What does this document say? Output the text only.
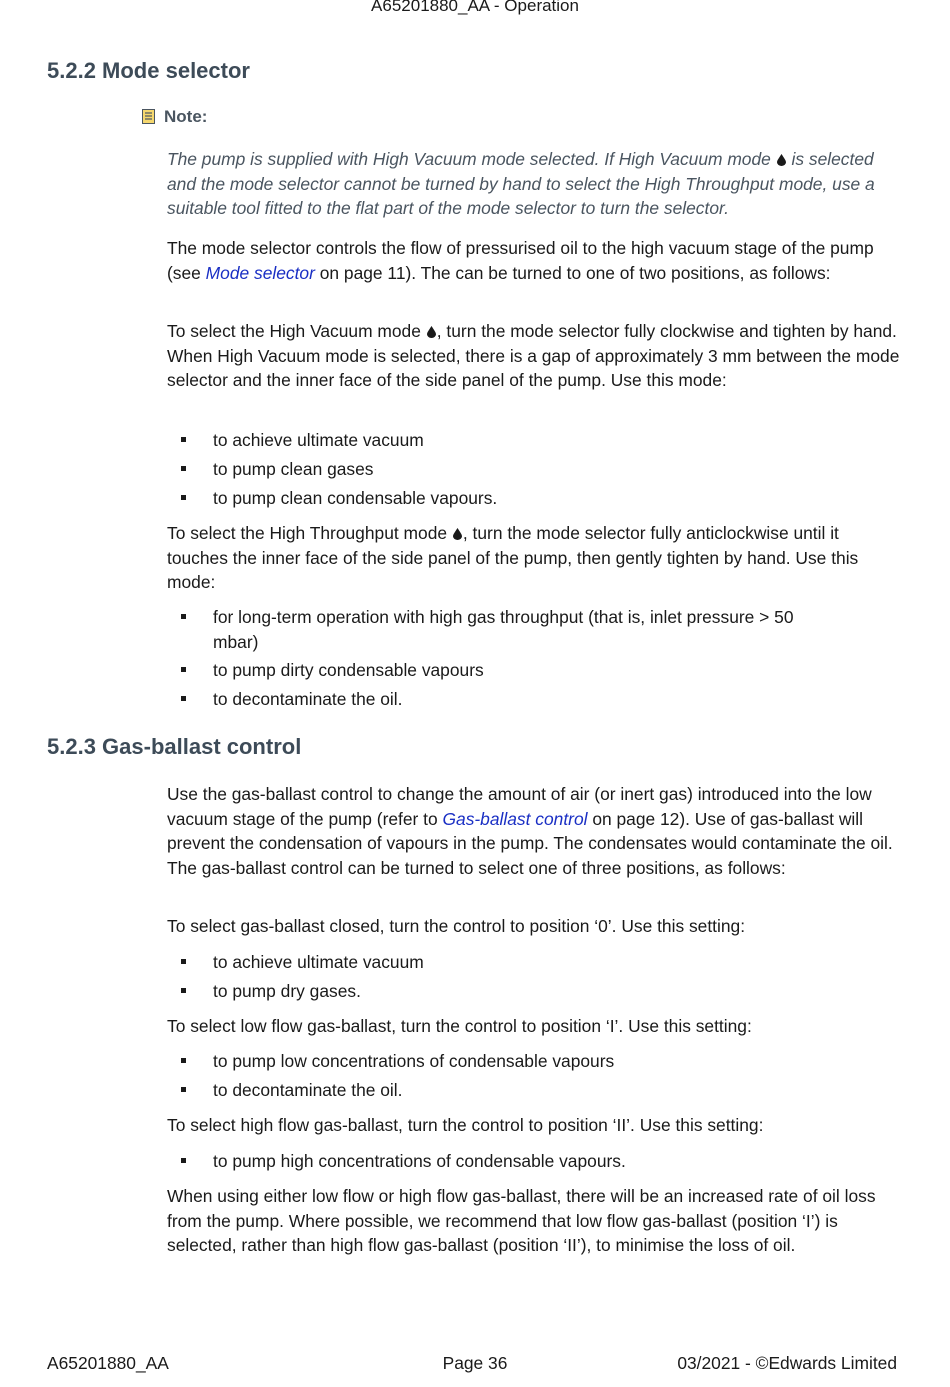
A65201880_AA - Operation
5.2.2 Mode selector
Note:

The pump is supplied with High Vacuum mode selected. If High Vacuum mode is selected and the mode selector cannot be turned by hand to select the High Throughput mode, use a suitable tool fitted to the flat part of the mode selector to turn the selector.

The mode selector controls the flow of pressurised oil to the high vacuum stage of the pump (see Mode selector on page 11). The can be turned to one of two positions, as follows:

To select the High Vacuum mode , turn the mode selector fully clockwise and tighten by hand. When High Vacuum mode is selected, there is a gap of approximately 3 mm between the mode selector and the inner face of the side panel of the pump. Use this mode:

to achieve ultimate vacuum
to pump clean gases
to pump clean condensable vapours.

To select the High Throughput mode , turn the mode selector fully anticlockwise until it touches the inner face of the side panel of the pump, then gently tighten by hand. Use this mode:

for long-term operation with high gas throughput (that is, inlet pressure > 50 mbar)
to pump dirty condensable vapours
to decontaminate the oil.
5.2.3 Gas-ballast control

Use the gas-ballast control to change the amount of air (or inert gas) introduced into the low vacuum stage of the pump (refer to Gas-ballast control on page 12). Use of gas-ballast will prevent the condensation of vapours in the pump. The condensates would contaminate the oil. The gas-ballast control can be turned to select one of three positions, as follows:

To select gas-ballast closed, turn the control to position ‘0’. Use this setting:

to achieve ultimate vacuum
to pump dry gases.

To select low flow gas-ballast, turn the control to position ‘I’. Use this setting:

to pump low concentrations of condensable vapours
to decontaminate the oil.

To select high flow gas-ballast, turn the control to position ‘II’. Use this setting:

to pump high concentrations of condensable vapours.

When using either low flow or high flow gas-ballast, there will be an increased rate of oil loss from the pump. Where possible, we recommend that low flow gas-ballast (position ‘I’) is selected, rather than high flow gas-ballast (position ‘II’), to minimise the loss of oil.

A65201880_AA	Page 36	03/2021 - ©Edwards Limited
